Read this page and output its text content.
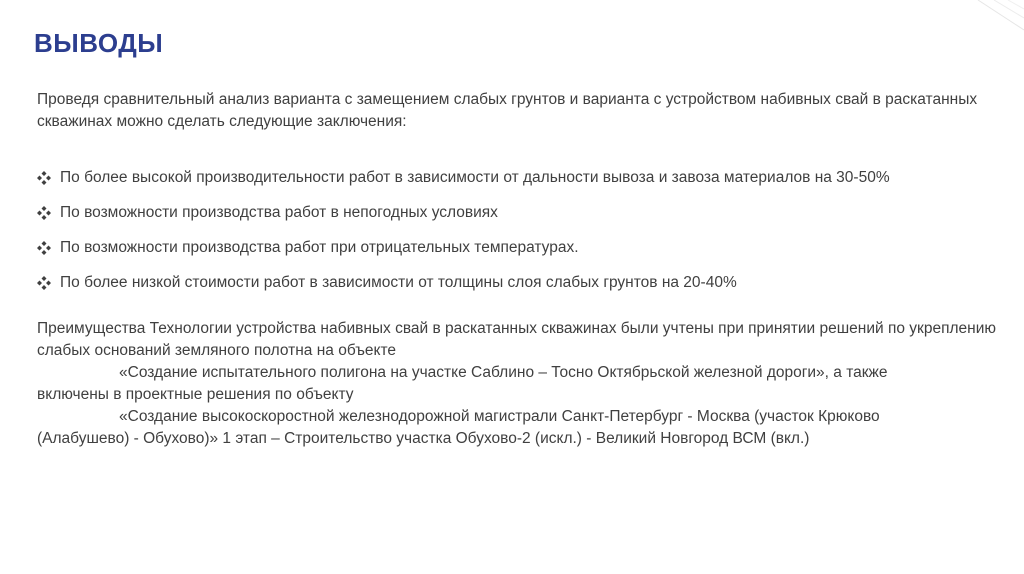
ВЫВОДЫ
Проведя сравнительный анализ варианта с замещением слабых грунтов и варианта с устройством набивных свай в раскатанных скважинах можно сделать следующие заключения:
По более высокой производительности работ в зависимости от дальности вывоза и завоза материалов на 30-50%
По возможности производства работ в непогодных условиях
По возможности производства работ при отрицательных температурах.
По более низкой стоимости работ в зависимости от толщины слоя слабых грунтов на 20-40%
Преимущества Технологии устройства набивных свай в раскатанных скважинах были учтены при принятии решений по укреплению слабых оснований земляного полотна на объекте
«Создание испытательного полигона на участке Саблино – Тосно Октябрьской железной дороги», а также
включены в проектные решения по объекту
«Создание высокоскоростной железнодорожной магистрали Санкт-Петербург - Москва (участок Крюково
(Алабушево) - Обухово)» 1 этап – Строительство участка Обухово-2 (искл.) - Великий Новгород ВСМ (вкл.)
